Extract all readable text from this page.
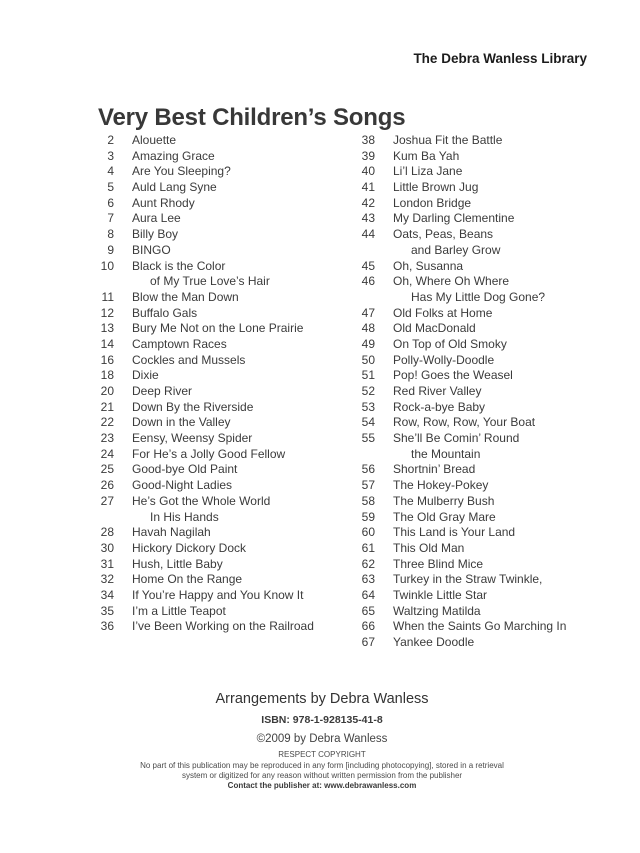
The Debra Wanless Library
Very Best Children’s Songs
2 Alouette
3 Amazing Grace
4 Are You Sleeping?
5 Auld Lang Syne
6 Aunt Rhody
7 Aura Lee
8 Billy Boy
9 BINGO
10 Black is the Color
of My True Love’s Hair
11 Blow the Man Down
12 Buffalo Gals
13 Bury Me Not on the Lone Prairie
14 Camptown Races
16 Cockles and Mussels
18 Dixie
20 Deep River
21 Down By the Riverside
22 Down in the Valley
23 Eensy, Weensy Spider
24 For He’s a Jolly Good Fellow
25 Good-bye Old Paint
26 Good-Night Ladies
27 He’s Got the Whole World
In His Hands
28 Havah Nagilah
30 Hickory Dickory Dock
31 Hush, Little Baby
32 Home On the Range
34 If You’re Happy and You Know It
35 I’m a Little Teapot
36 I’ve Been Working on the Railroad
38 Joshua Fit the Battle
39 Kum Ba Yah
40 Li’l Liza Jane
41 Little Brown Jug
42 London Bridge
43 My Darling Clementine
44 Oats, Peas, Beans
and Barley Grow
45 Oh, Susanna
46 Oh, Where Oh Where
Has My Little Dog Gone?
47 Old Folks at Home
48 Old MacDonald
49 On Top of Old Smoky
50 Polly-Wolly-Doodle
51 Pop! Goes the Weasel
52 Red River Valley
53 Rock-a-bye Baby
54 Row, Row, Row, Your Boat
55 She’ll Be Comin’ Round
the Mountain
56 Shortnin’ Bread
57 The Hokey-Pokey
58 The Mulberry Bush
59 The Old Gray Mare
60 This Land is Your Land
61 This Old Man
62 Three Blind Mice
63 Turkey in the Straw Twinkle,
64 Twinkle Little Star
65 Waltzing Matilda
66 When the Saints Go Marching In
67 Yankee Doodle
Arrangements by Debra Wanless
ISBN: 978-1-928135-41-8
©2009 by Debra Wanless
RESPECT COPYRIGHT
No part of this publication may be reproduced in any form [including photocopying], stored in a retrieval
system or digitized for any reason without written permission from the publisher
Contact the publisher at: www.debrawanless.com
